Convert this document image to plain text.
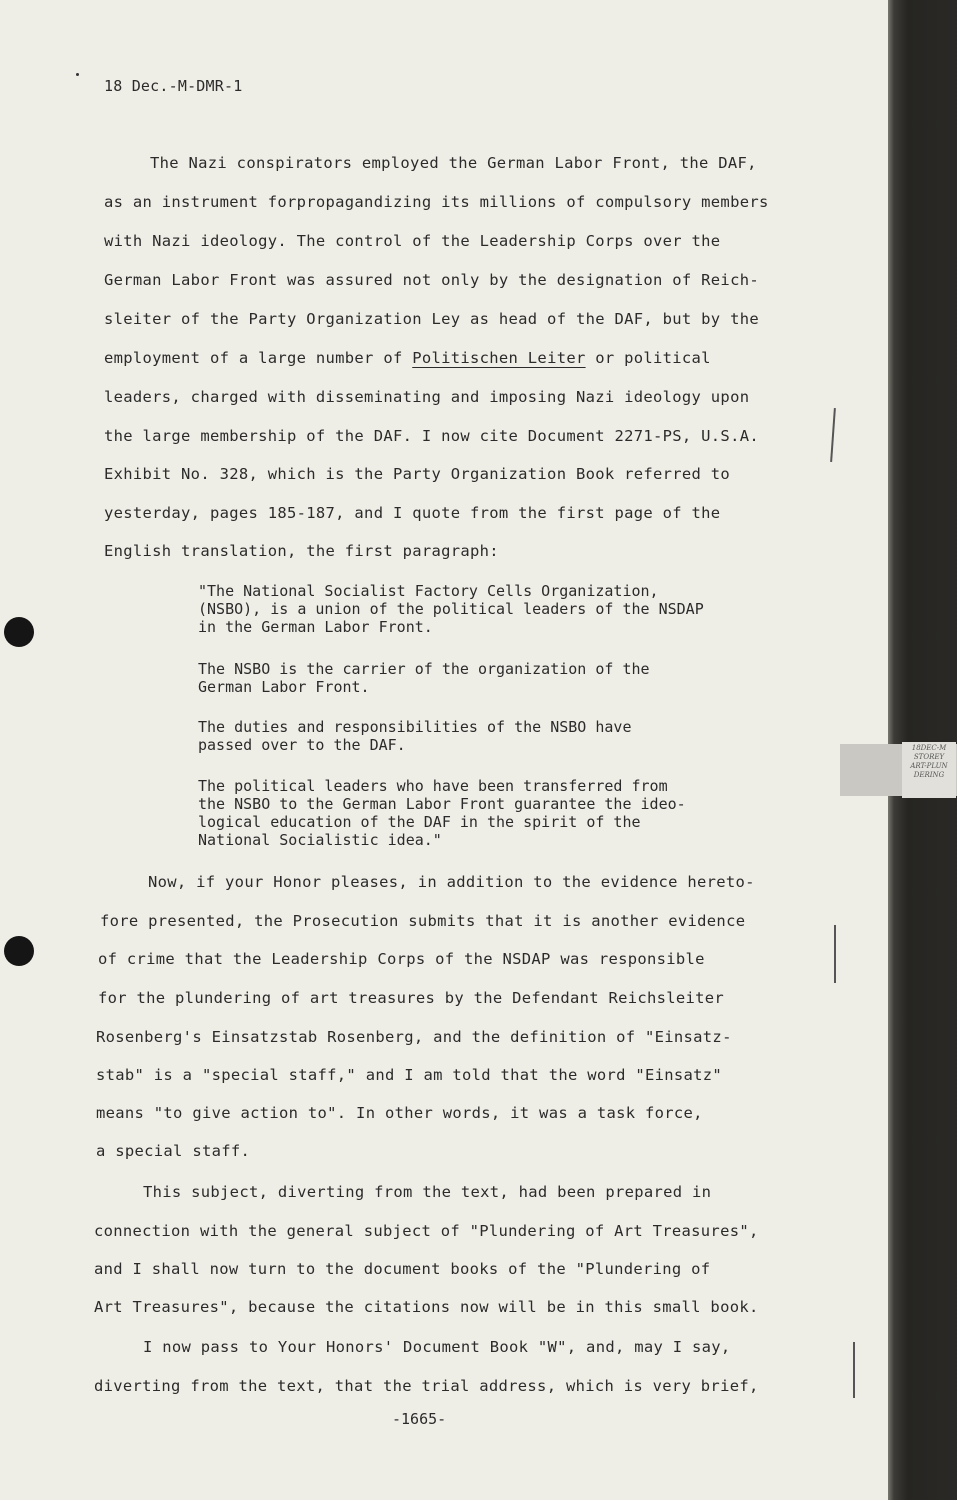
18 Dec.-M-DMR-1
The Nazi conspirators employed the German Labor Front, the DAF,
as an instrument forpropagandizing its millions of compulsory members
with Nazi ideology. The control of the Leadership Corps over the
German Labor Front was assured not only by the designation of Reich-
sleiter of the Party Organization Ley as head of the DAF, but by the
employment of a large number of Politischen Leiter or political
leaders, charged with disseminating and imposing Nazi ideology upon
the large membership of the DAF. I now cite Document 2271-PS, U.S.A.
Exhibit No. 328, which is the Party Organization Book referred to
yesterday, pages 185-187, and I quote from the first page of the
English translation, the first paragraph:
"The National Socialist Factory Cells Organization,
(NSBO), is a union of the political leaders of the NSDAP
in the German Labor Front.
The NSBO is the carrier of the organization of the
German Labor Front.
The duties and responsibilities of the NSBO have
passed over to the DAF.
The political leaders who have been transferred from
the NSBO to the German Labor Front guarantee the ideo-
logical education of the DAF in the spirit of the
National Socialistic idea."
Now, if your Honor pleases, in addition to the evidence hereto-
fore presented, the Prosecution submits that it is another evidence
of crime that the Leadership Corps of the NSDAP was responsible
for the plundering of art treasures by the Defendant Reichsleiter
Rosenberg's Einsatzstab Rosenberg, and the definition of "Einsatz-
stab" is a "special staff," and I am told that the word "Einsatz"
means "to give action to". In other words, it was a task force,
a special staff.
This subject, diverting from the text, had been prepared in
connection with the general subject of "Plundering of Art Treasures",
and I shall now turn to the document books of the "Plundering of
Art Treasures", because the citations now will be in this small book.
I now pass to Your Honors' Document Book "W", and, may I say,
diverting from the text, that the trial address, which is very brief,
-1665-
18DEC-M
STOREY
ART-PLUN
DERING
